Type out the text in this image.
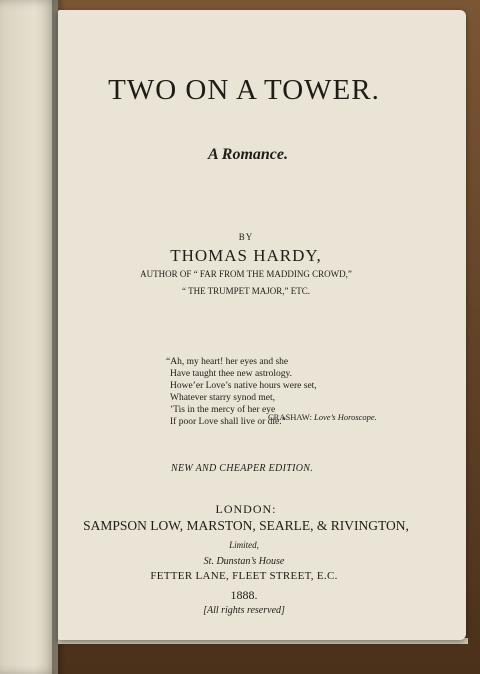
TWO ON A TOWER.
A Romance.
BY
THOMAS HARDY,
AUTHOR OF “ FAR FROM THE MADDING CROWD,”
“ THE TRUMPET MAJOR,” ETC.
“Ah, my heart! her eyes and she
Have taught thee new astrology.
Howe’er Love’s native hours were set,
Whatever starry synod met,
’Tis in the mercy of her eye
If poor Love shall live or die.”
CRASHAW: Love’s Horoscope.
NEW AND CHEAPER EDITION.
LONDON:
SAMPSON LOW, MARSTON, SEARLE, & RIVINGTON,
Limited,
St. Dunstan’s House
FETTER LANE, FLEET STREET, E.C.
1888.
[All rights reserved]
